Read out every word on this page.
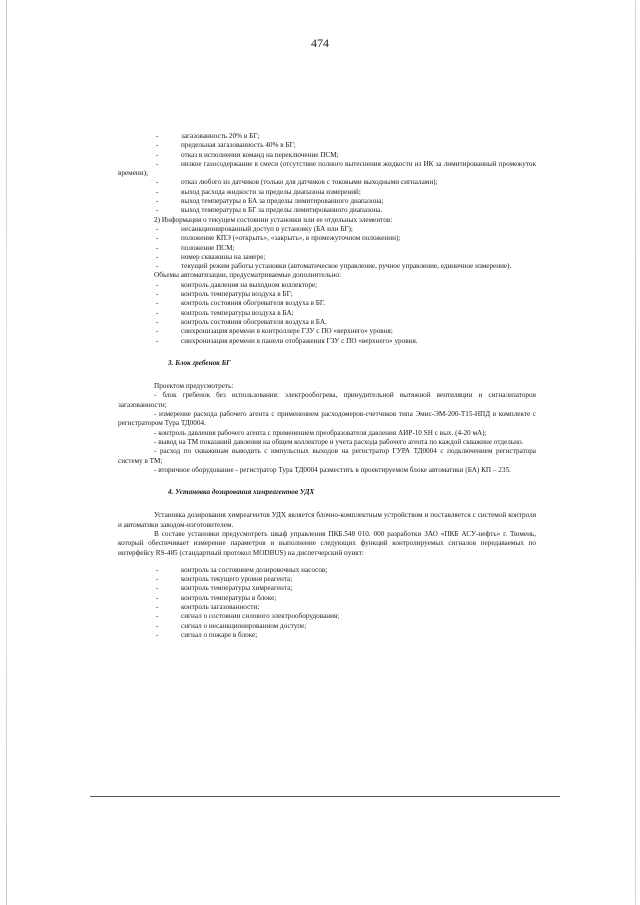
474
-	загазованность 20% в БГ;
-	предельная загазованность 40% в БГ;
-	отказ в исполнении команд на переключение ПСМ;
-	низкое газосодержание в смеси (отсутствие полного вытеснения жидкости из ИК за лимитированный промежуток времени);
-	отказ любого из датчиков (только для датчиков с токовыми выходными сигналами);
-	выход расхода жидкости за пределы диапазона измерений;
-	выход температуры в БА за пределы лимитированного диапазона;
-	выход температуры в БГ за пределы лимитированного диапазона.

2) Информация о текущем состоянии установки или ее отдельных элементов:

-	несанкционированный доступ в установку (БА или БГ);
-	положение КПЭ («открыть», «закрыть», в промежуточном положении);
-	положение ПСМ;
-	номер скважины на замере;
-	текущий режим работы установки (автоматическое управление, ручное управление, единичное измерение).

Объемы автоматизации, предусматриваемые дополнительно:

-	контроль давления на выходном коллекторе;
-	контроль температуры воздуха в БГ;
-	контроль состояния обогревателя воздуха в БГ.
-	контроль температуры воздуха в БА;
-	контроль состояния обогревателя воздуха в БА.
-	синхронизация времени в контроллере ГЗУ с ПО «верхнего» уровня;
-	синхронизация времени в панели отображения ГЗУ с ПО «верхнего» уровня.
3. Блок гребенок БГ

Проектом предусмотреть:

- блок гребенок без использования: электрообогрева, принудительной вытяжной вентиляции и сигнализаторов загазованности;

- измерение расхода рабочего агента с применением расходомеров-счетчиков типа Эмис-ЭМ-200-Т15-НПД в комплекте с регистратором Тура ТД0004.

- контроль давления рабочего агента с применением преобразователя давления АИР-10 SH с вых. (4-20 мА);

- вывод на ТМ показаний давления на общем коллекторе и учета расхода рабочего агента по каждой скважине отдельно.

- расход по скважинам выводить с импульсных выходов на регистратор ГУРА ТД0004 с подключением регистратора систему в ТМ;

- вторичное оборудование - регистратор Тура ТД0004 разместить в проектируемом блоке автоматики (БА) КП – 235.

4. Установка дозирования химреагентов УДХ

Установка дозирования химреагентов УДХ является блочно-комплектным устройством и поставляется с системой контроля и автоматики заводом-изготовителем.

В составе установки предусмотреть шкаф управления ПКБ.548 010. 000 разработки ЗАО «ПКБ АСУ-нефть» г. Тюмень, который обеспечивает измерение параметров и выполнение следующих функций контролируемых сигналов передаваемых по интерфейсу RS-485 (стандартный протокол MODBUS) на диспетчерский пункт:

-	контроль за состоянием дозировочных насосов;
-	контроль текущего уровня реагента;
-	контроль температуры химреагента;
-	контроль температуры в блоке;
-	контроль загазованности;
-	сигнал о состоянии силового электрооборудования;
-	сигнал о несанкционированном доступе;
-	сигнал о пожаре в блоке;
